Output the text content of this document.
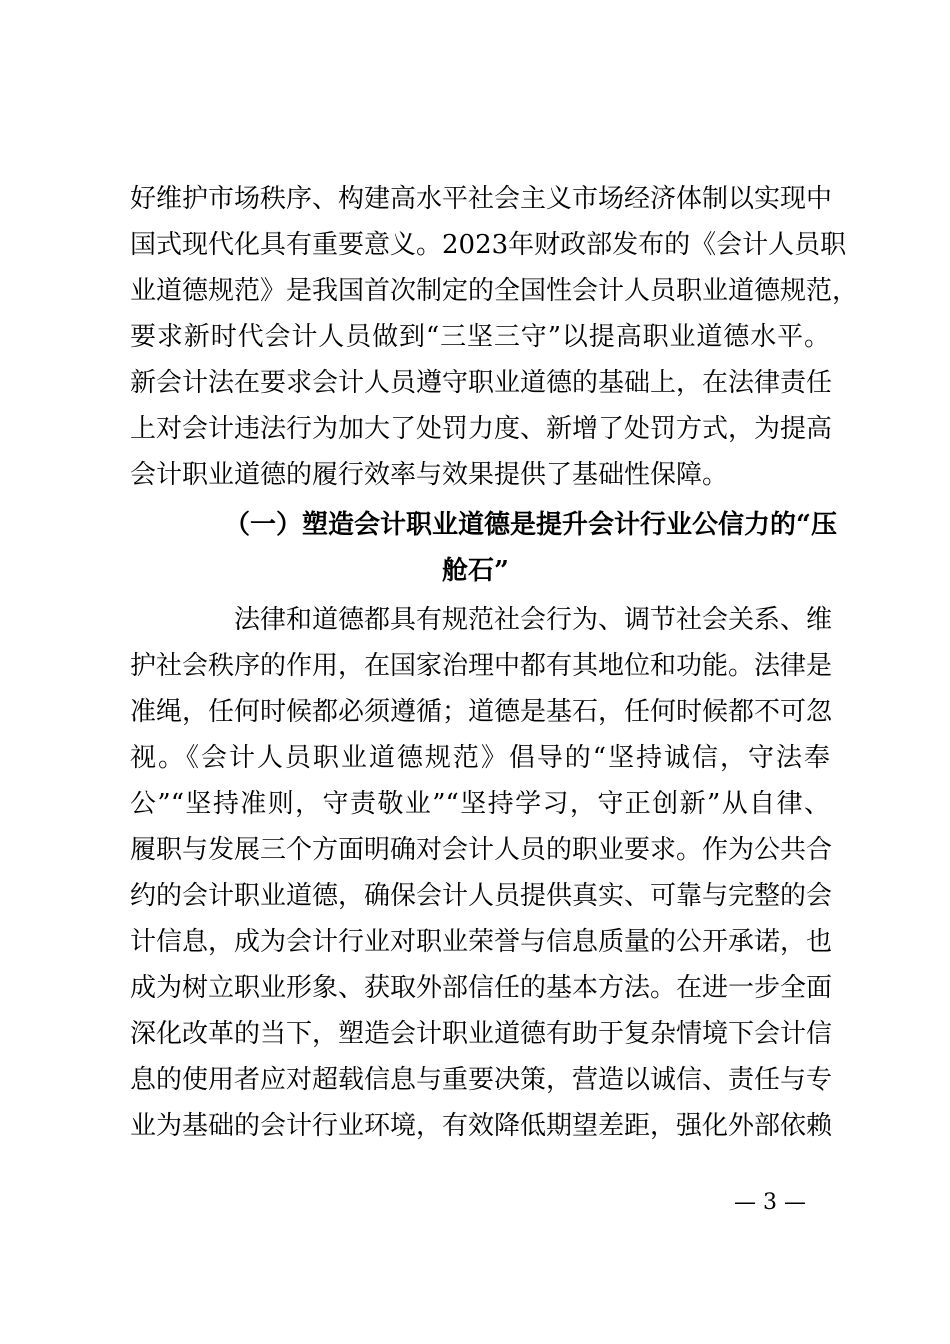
好维护市场秩序、构建高水平社会主义市场经济体制以实现中
国式现代化具有重要意义。2023年财政部发布的《会计人员职
业道德规范》是我国首次制定的全国性会计人员职业道德规范，
要求新时代会计人员做到“三坚三守”以提高职业道德水平。
新会计法在要求会计人员遵守职业道德的基础上，在法律责任
上对会计违法行为加大了处罚力度、新增了处罚方式，为提高
会计职业道德的履行效率与效果提供了基础性保障。
（一）塑造会计职业道德是提升会计行业公信力的“压
舱石”
法律和道德都具有规范社会行为、调节社会关系、维
护社会秩序的作用，在国家治理中都有其地位和功能。法律是
准绳，任何时候都必须遵循；道德是基石，任何时候都不可忽
视。《会计人员职业道德规范》倡导的“坚持诚信，守法奉
公”“坚持准则，守责敬业”“坚持学习，守正创新”从自律、
履职与发展三个方面明确对会计人员的职业要求。作为公共合
约的会计职业道德，确保会计人员提供真实、可靠与完整的会
计信息，成为会计行业对职业荣誉与信息质量的公开承诺，也
成为树立职业形象、获取外部信任的基本方法。在进一步全面
深化改革的当下，塑造会计职业道德有助于复杂情境下会计信
息的使用者应对超载信息与重要决策，营造以诚信、责任与专
业为基础的会计行业环境，有效降低期望差距，强化外部依赖
— 3 —
